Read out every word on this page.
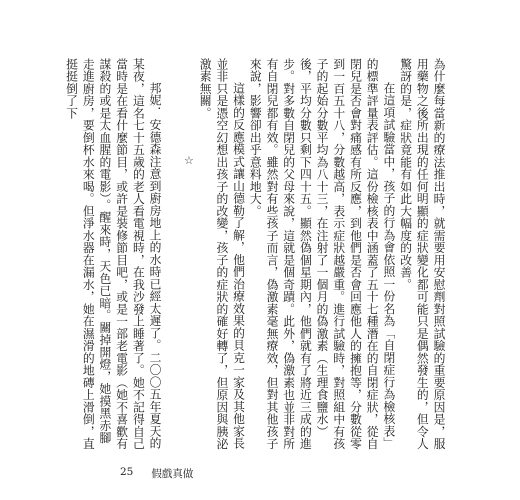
為什麼每當新的療法推出時，就需要用安慰劑對照試驗的重要原因是，服用藥物之後所出現的任何明顯的症狀變化都可能只是偶然發生的，但令人驚訝的是，症狀竟能有如此大幅度的改善。

在這項試驗當中，孩子的行為會依照一份名為「自閉症行為檢核表」的標準評量表評估。這份檢核表中涵蓋了五十七種潛在的自閉症狀，從自閉兒是否會對痛感有所反應，到他們是否會回應他人的擁抱等，分數從零到一百五十八，分數越高，表示症狀越嚴重。進行試驗時，對照組中有孩子的起始分數平均為八十三，在注射了一個月的偽激素（生理食鹽水）後，平均分數只剩下四十五。顯然偽個星期內，他們就有了將近三成的進步。對多數自閉兒的父母來說，這就是個奇蹟。此外，偽激素也並非對所有自閉兒都有效。雖然對有些孩子而言，偽激素毫無療效，但對其他孩子來說，影響卻出乎意料地大。

這樣的反應模式讓山德勒了解，他們治療效果的貝克一家及其他家長並非只是憑空幻想出孩子的改變，孩子的症狀的確好轉了，但原因與胰泌激素無關。

☆

邦妮．安德森注意到廚房地上的水時已經太遲了。二〇〇五年夏天的某夜，這名七十五歲的老人看電視時，在我沙發上睡著了。她不記得自己當時是在看什麼節目，或許是裝修節目吧，或是一部老電影（她不喜歡有謀殺的或是太血腥的電影）。醒來時，天色已暗。關掉開燈，她摸黑赤腳走進廚房，要倒杯水來喝。但淨水器在漏水，她在濕滑的地磚上滑倒，直挺挺倒了下

25 假戲真做
